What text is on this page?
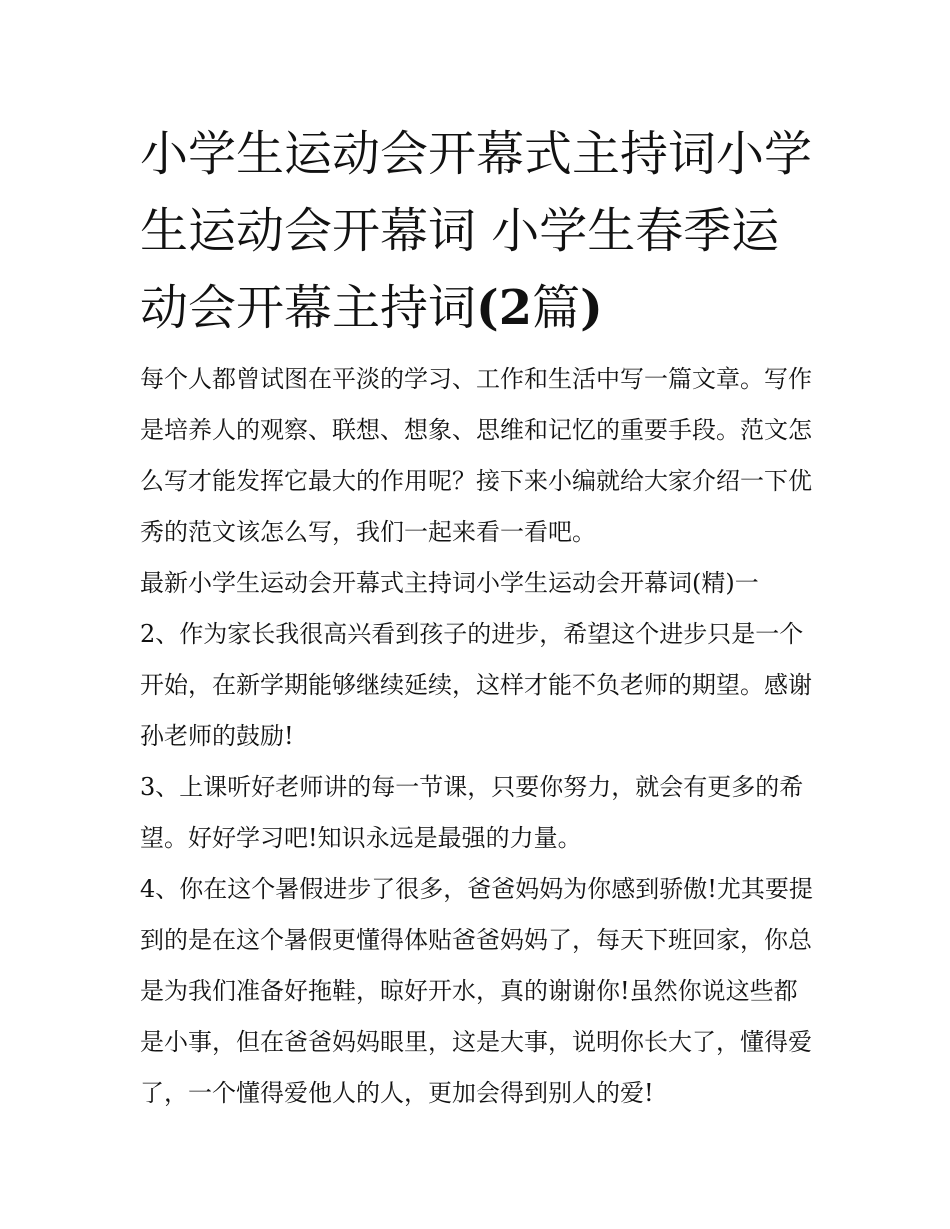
小学生运动会开幕式主持词小学生运动会开幕词 小学生春季运动会开幕主持词(2篇)

每个人都曾试图在平淡的学习、工作和生活中写一篇文章。写作是培养人的观察、联想、想象、思维和记忆的重要手段。范文怎么写才能发挥它最大的作用呢？接下来小编就给大家介绍一下优秀的范文该怎么写，我们一起来看一看吧。

最新小学生运动会开幕式主持词小学生运动会开幕词(精)一

2、作为家长我很高兴看到孩子的进步，希望这个进步只是一个开始，在新学期能够继续延续，这样才能不负老师的期望。感谢孙老师的鼓励!

3、上课听好老师讲的每一节课，只要你努力，就会有更多的希望。好好学习吧!知识永远是最强的力量。

4、你在这个暑假进步了很多，爸爸妈妈为你感到骄傲!尤其要提到的是在这个暑假更懂得体贴爸爸妈妈了，每天下班回家，你总是为我们准备好拖鞋，晾好开水，真的谢谢你!虽然你说这些都是小事，但在爸爸妈妈眼里，这是大事，说明你长大了，懂得爱了，一个懂得爱他人的人，更加会得到别人的爱!
